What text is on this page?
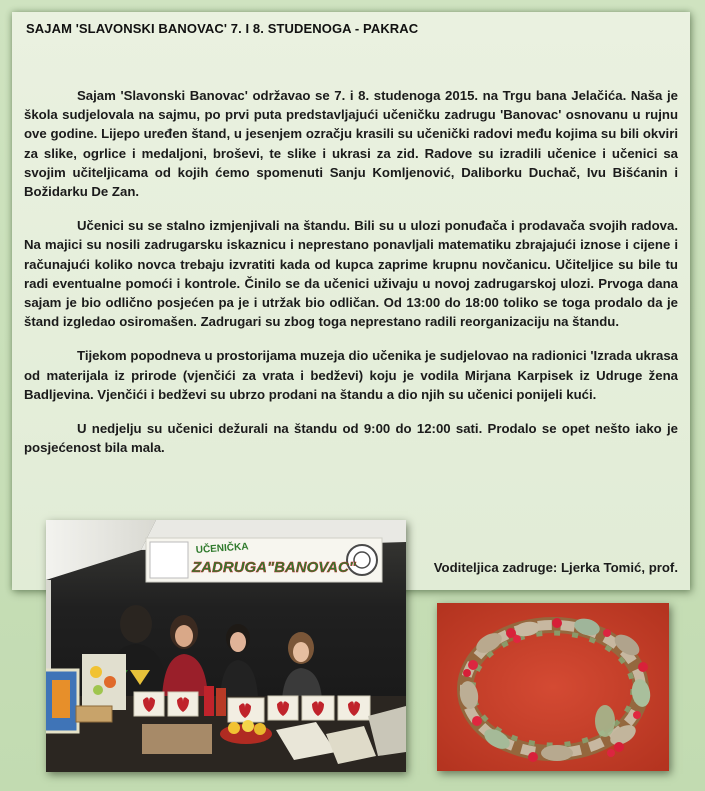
SAJAM 'SLAVONSKI BANOVAC' 7. I 8. STUDENOGA - PAKRAC

Sajam 'Slavonski Banovac' održavao se 7. i 8. studenoga 2015. na Trgu bana Jelačića. Naša je škola sudjelovala na sajmu, po prvi puta predstavljajući učeničku zadrugu 'Banovac' osnovanu u rujnu ove godine. Lijepo uređen štand, u jesenjem ozračju krasili su učenički radovi među kojima su bili okviri za slike, ogrlice i medaljoni, broševi, te slike i ukrasi za zid. Radove su izradili učenice i učenici sa svojim učiteljicama od kojih ćemo spomenuti Sanju Komljenović, Daliborku Duchač, Ivu Bišćanin i Božidarku De Zan.

Učenici su se stalno izmjenjivali na štandu. Bili su u ulozi ponuđača i prodavača svojih radova. Na majici su nosili zadrugarsku iskaznicu i neprestano ponavljali matematiku zbrajajući iznose i cijene i računajući koliko novca trebaju izvratiti kada od kupca zaprime krupnu novčanicu. Učiteljice su bile tu radi eventualne pomoći i kontrole. Činilo se da učenici uživaju u novoj zadrugarskoj ulozi. Prvoga dana sajam je bio odlično posjećen pa je i utržak bio odličan. Od 13:00 do 18:00 toliko se toga prodalo da je štand izgledao osiromašen. Zadrugari su zbog toga neprestano radili reorganizaciju na štandu.

Tijekom popodneva u prostorijama muzeja dio učenika je sudjelovao na radionici 'Izrada ukrasa od materijala iz prirode (vjenčići za vrata i bedževi) koju je vodila Mirjana Karpisek iz Udruge žena Badljevina. Vjenčići i bedževi su ubrzo prodani na štandu a dio njih su učenici ponijeli kući.

U nedjelju su učenici dežurali na štandu od 9:00 do 12:00 sati. Prodalo se opet nešto iako je posjećenost bila mala.

Voditeljica zadruge: Ljerka Tomić, prof.
UČENIČKA
ZADRUGA"BANOVAC"
